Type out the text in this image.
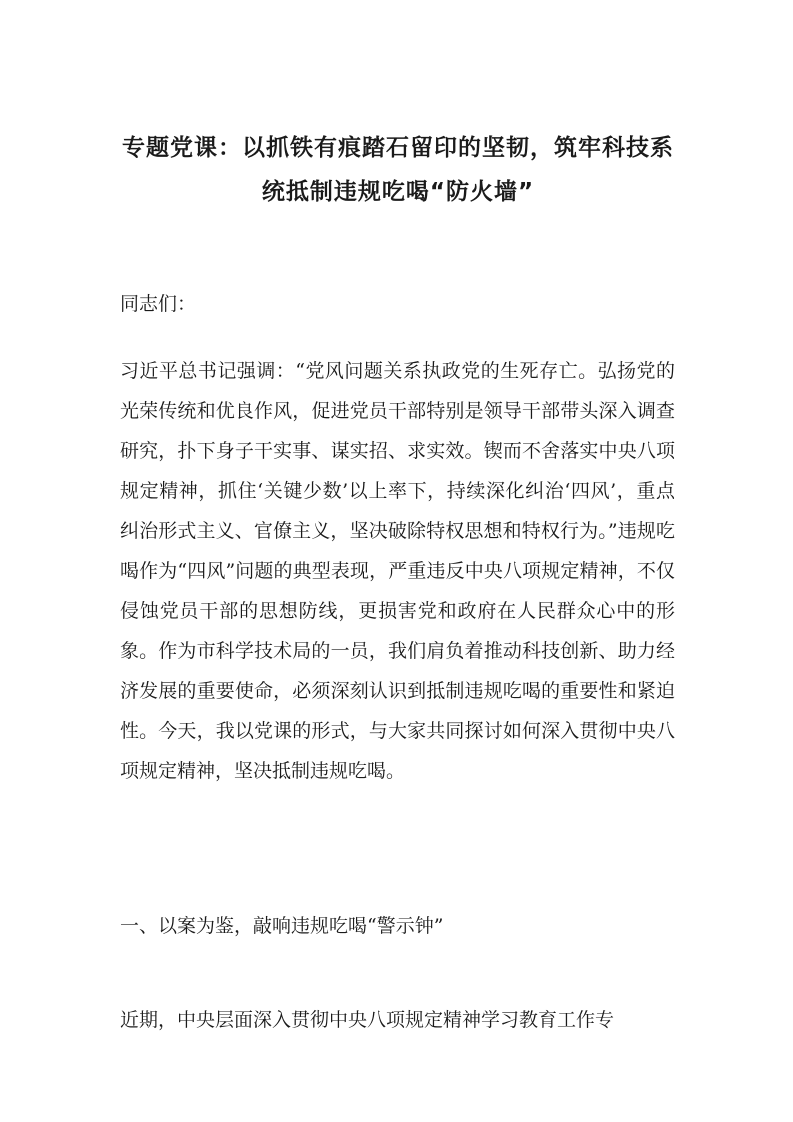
专题党课：以抓铁有痕踏石留印的坚韧，筑牢科技系
统抵制违规吃喝“防火墙”

同志们：

习近平总书记强调：“党风问题关系执政党的生死存亡。弘扬党的光荣传统和优良作风，促进党员干部特别是领导干部带头深入调查研究，扑下身子干实事、谋实招、求实效。锲而不舍落实中央八项规定精神，抓住‘关键少数’以上率下，持续深化纠治‘四风’，重点纠治形式主义、官僚主义，坚决破除特权思想和特权行为。”违规吃喝作为“四风”问题的典型表现，严重违反中央八项规定精神，不仅侵蚀党员干部的思想防线，更损害党和政府在人民群众心中的形象。作为市科学技术局的一员，我们肩负着推动科技创新、助力经济发展的重要使命，必须深刻认识到抵制违规吃喝的重要性和紧迫性。今天，我以党课的形式，与大家共同探讨如何深入贯彻中央八项规定精神，坚决抵制违规吃喝。

一、以案为鉴，敲响违规吃喝“警示钟”

近期，中央层面深入贯彻中央八项规定精神学习教育工作专
